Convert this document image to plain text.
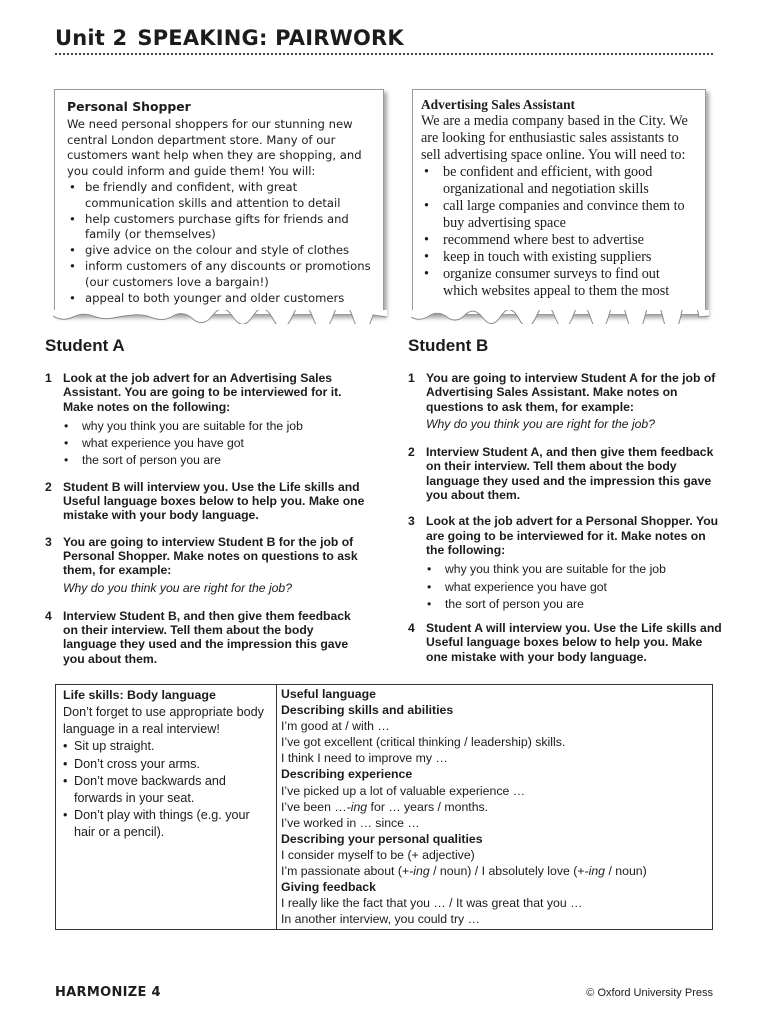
Unit 2 SPEAKING: PAIRWORK
Personal Shopper

We need personal shoppers for our stunning new central London department store. Many of our customers want help when they are shopping, and you could inform and guide them! You will:

• be friendly and confident, with great communication skills and attention to detail
• help customers purchase gifts for friends and family (or themselves)
• give advice on the colour and style of clothes
• inform customers of any discounts or promotions (our customers love a bargain!)
• appeal to both younger and older customers
Advertising Sales Assistant

We are a media company based in the City. We are looking for enthusiastic sales assistants to sell advertising space online. You will need to:

• be confident and efficient, with good organizational and negotiation skills
• call large companies and convince them to buy advertising space
• recommend where best to advertise
• keep in touch with existing suppliers
• organize consumer surveys to find out which websites appeal to them the most
Student A	Student B
1 Look at the job advert for an Advertising Sales Assistant. You are going to be interviewed for it. Make notes on the following:
• why you think you are suitable for the job
• what experience you have got
• the sort of person you are
2 Student B will interview you. Use the Life skills and Useful language boxes below to help you. Make one mistake with your body language.
3 You are going to interview Student B for the job of Personal Shopper. Make notes on questions to ask them, for example:
Why do you think you are right for the job?
4 Interview Student B, and then give them feedback on their interview. Tell them about the body language they used and the impression this gave you about them.
1 You are going to interview Student A for the job of Advertising Sales Assistant. Make notes on questions to ask them, for example:
Why do you think you are right for the job?
2 Interview Student A, and then give them feedback on their interview. Tell them about the body language they used and the impression this gave you about them.
3 Look at the job advert for a Personal Shopper. You are going to be interviewed for it. Make notes on the following:
• why you think you are suitable for the job
• what experience you have got
• the sort of person you are
4 Student A will interview you. Use the Life skills and Useful language boxes below to help you. Make one mistake with your body language.
Life skills: Body language

Don’t forget to use appropriate body language in a real interview!

• Sit up straight.
• Don’t cross your arms.
• Don’t move backwards and forwards in your seat.
• Don’t play with things (e.g. your hair or a pencil).
Useful language
Describing skills and abilities
I’m good at / with …
I’ve got excellent (critical thinking / leadership) skills.
I think I need to improve my …
Describing experience
I’ve picked up a lot of valuable experience …
I’ve been …-ing for … years / months.
I’ve worked in … since …
Describing your personal qualities
I consider myself to be (+ adjective)
I’m passionate about (+-ing / noun) / I absolutely love (+-ing / noun)
Giving feedback
I really like the fact that you … / It was great that you …
In another interview, you could try …
HARMONIZE 4	© Oxford University Press
